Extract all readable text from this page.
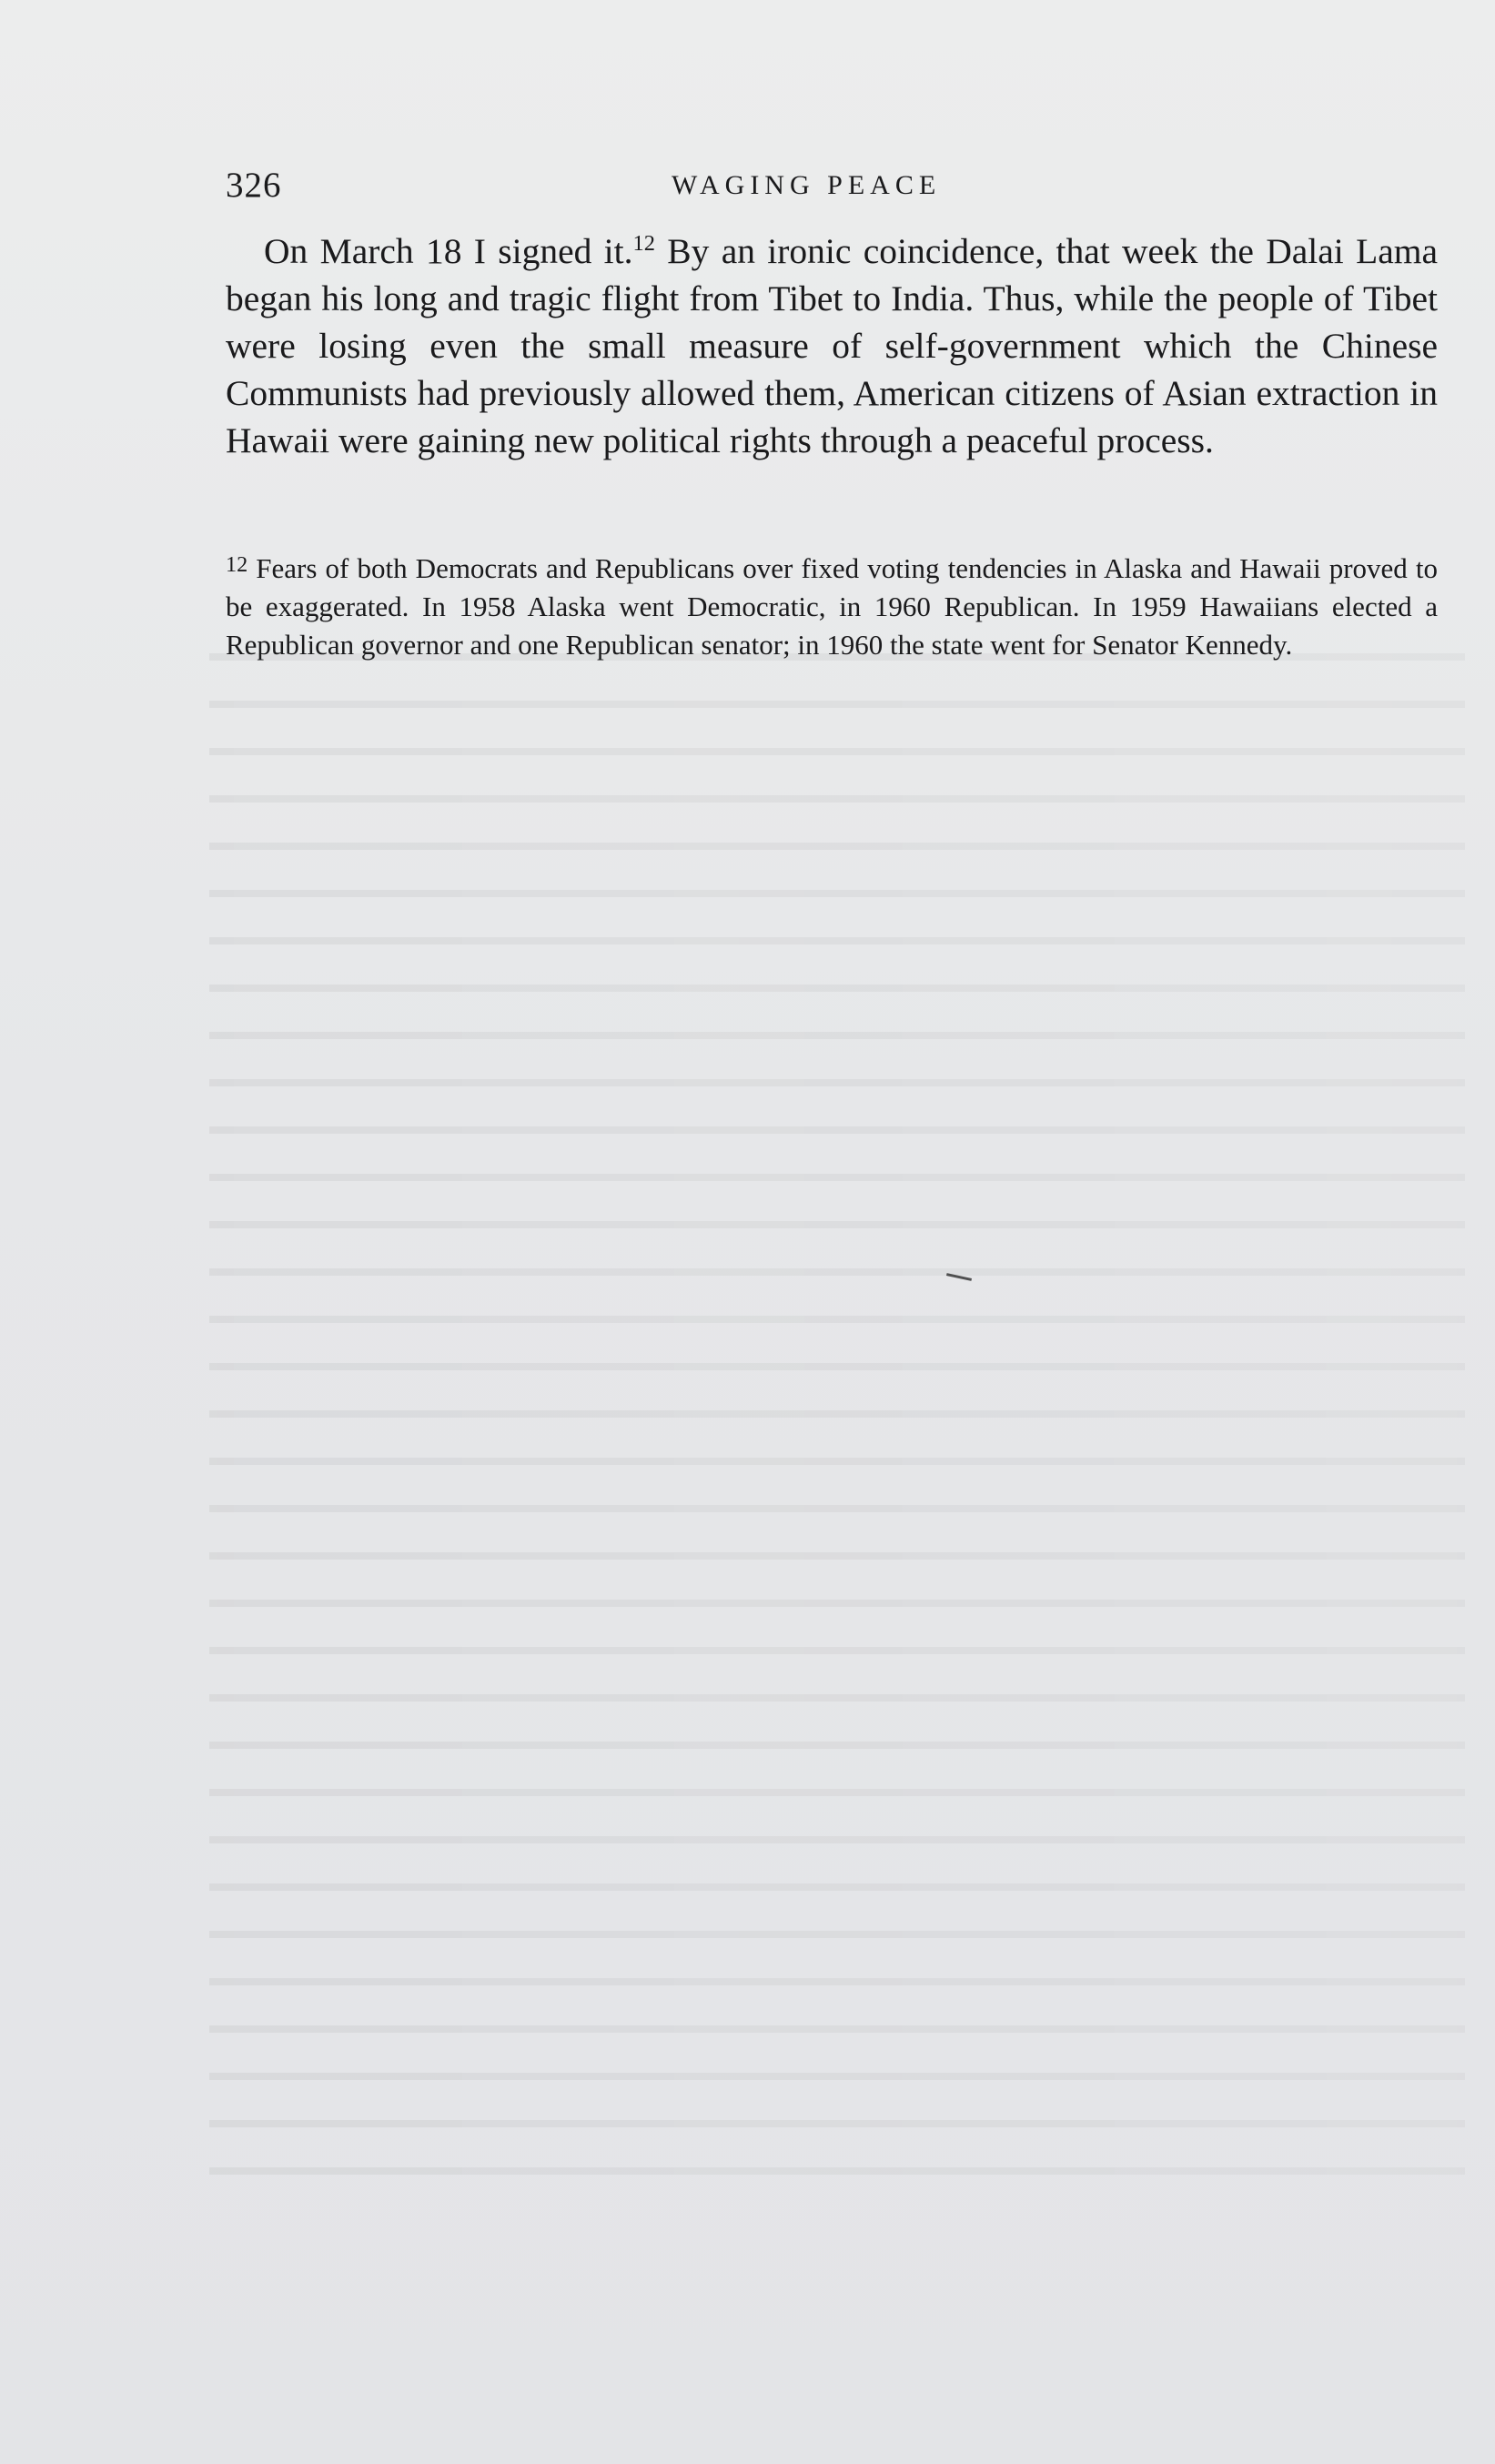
326	WAGING PEACE

On March 18 I signed it.$^{12}$ By an ironic coincidence, that week the Dalai Lama began his long and tragic flight from Tibet to India. Thus, while the people of Tibet were losing even the small measure of self-government which the Chinese Communists had previously allowed them, American citizens of Asian extraction in Hawaii were gaining new political rights through a peaceful process.

$^{12}$ Fears of both Democrats and Republicans over fixed voting tendencies in Alaska and Hawaii proved to be exaggerated. In 1958 Alaska went Democratic, in 1960 Republican. In 1959 Hawaiians elected a Republican governor and one Republican senator; in 1960 the state went for Senator Kennedy.
